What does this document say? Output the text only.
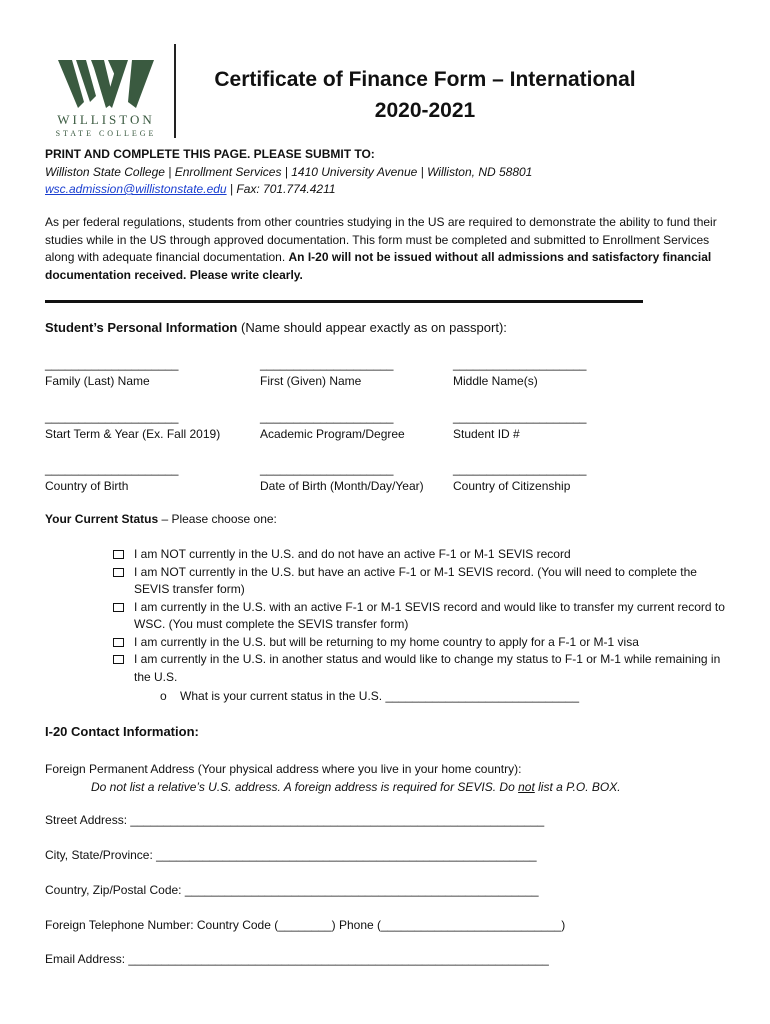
WILLISTON
STATE COLLEGE
Certificate of Finance Form – International
2020-2021
PRINT AND COMPLETE THIS PAGE. PLEASE SUBMIT TO:
Williston State College | Enrollment Services | 1410 University Avenue | Williston, ND 58801
wsc.admission@willistonstate.edu | Fax: 701.774.4211
As per federal regulations, students from other countries studying in the US are required to demonstrate the ability to fund their studies while in the US through approved documentation. This form must be completed and submitted to Enrollment Services along with adequate financial documentation. An I-20 will not be issued without all admissions and satisfactory financial documentation received. Please write clearly.
Student’s Personal Information (Name should appear exactly as on passport):
____________________
Family (Last) Name
____________________
First (Given) Name
____________________
Middle Name(s)
____________________
Start Term & Year (Ex. Fall 2019)
____________________
Academic Program/Degree
____________________
Student ID #
____________________
Country of Birth
____________________
Date of Birth (Month/Day/Year)
____________________
Country of Citizenship
Your Current Status – Please choose one:
I am NOT currently in the U.S. and do not have an active F-1 or M-1 SEVIS record
I am NOT currently in the U.S. but have an active F-1 or M-1 SEVIS record. (You will need to complete the SEVIS transfer form)
I am currently in the U.S. with an active F-1 or M-1 SEVIS record and would like to transfer my current record to WSC. (You must complete the SEVIS transfer form)
I am currently in the U.S. but will be returning to my home country to apply for a F-1 or M-1 visa
I am currently in the U.S. in another status and would like to change my status to F-1 or M-1 while remaining in the U.S.
o What is your current status in the U.S. _____________________________
I-20 Contact Information:
Foreign Permanent Address (Your physical address where you live in your home country):
Do not list a relative’s U.S. address. A foreign address is required for SEVIS. Do not list a P.O. BOX.
Street Address: ______________________________________________________________
City, State/Province: _________________________________________________________
Country, Zip/Postal Code: _____________________________________________________
Foreign Telephone Number: Country Code (________) Phone (___________________________)
Email Address: _______________________________________________________________
